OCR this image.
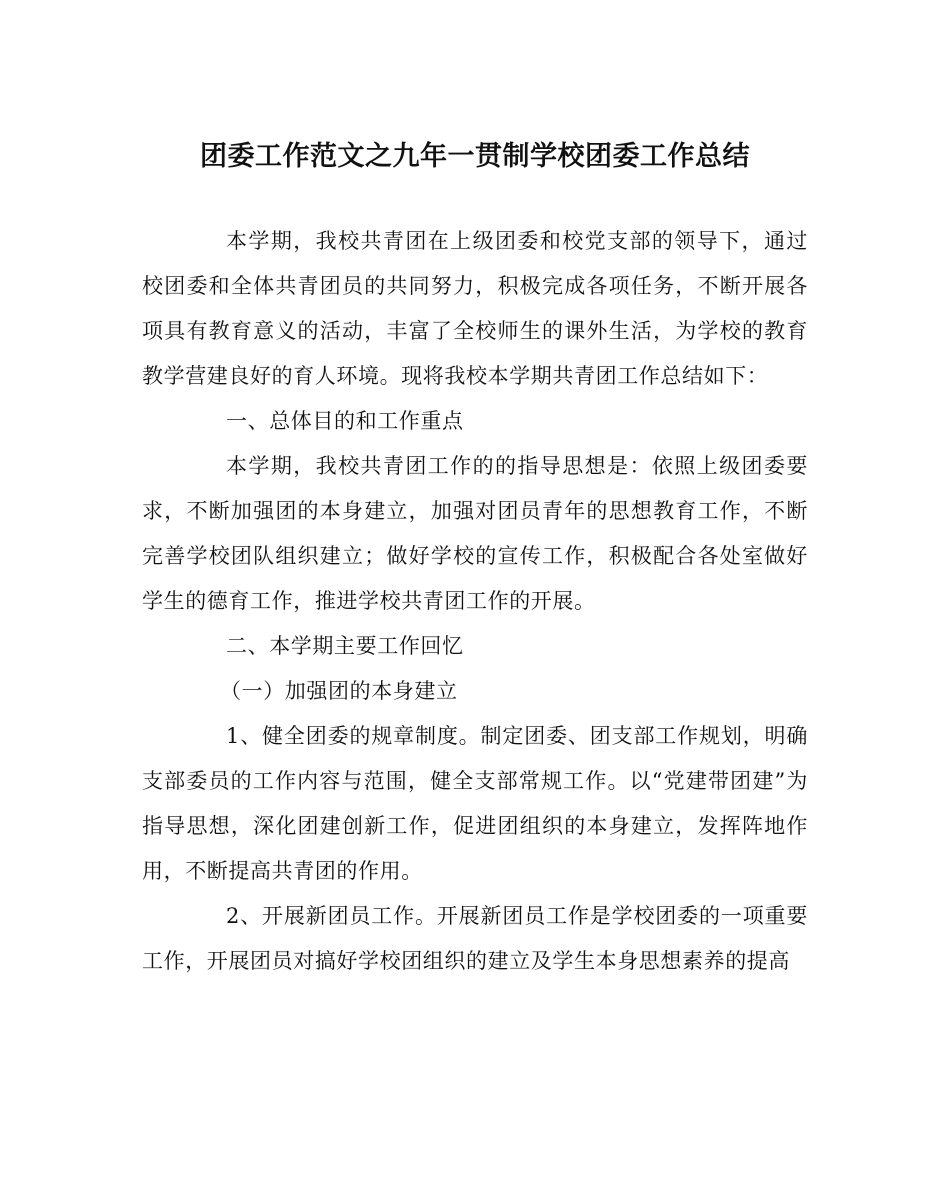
团委工作范文之九年一贯制学校团委工作总结

本学期，我校共青团在上级团委和校党支部的领导下，通过校团委和全体共青团员的共同努力，积极完成各项任务，不断开展各项具有教育意义的活动，丰富了全校师生的课外生活，为学校的教育教学营建良好的育人环境。现将我校本学期共青团工作总结如下：

一、总体目的和工作重点

本学期，我校共青团工作的的指导思想是：依照上级团委要求，不断加强团的本身建立，加强对团员青年的思想教育工作，不断完善学校团队组织建立；做好学校的宣传工作，积极配合各处室做好学生的德育工作，推进学校共青团工作的开展。

二、本学期主要工作回忆

（一）加强团的本身建立

1、健全团委的规章制度。制定团委、团支部工作规划，明确支部委员的工作内容与范围，健全支部常规工作。以“党建带团建”为指导思想，深化团建创新工作，促进团组织的本身建立，发挥阵地作用，不断提高共青团的作用。

2、开展新团员工作。开展新团员工作是学校团委的一项重要工作，开展团员对搞好学校团组织的建立及学生本身思想素养的提高
